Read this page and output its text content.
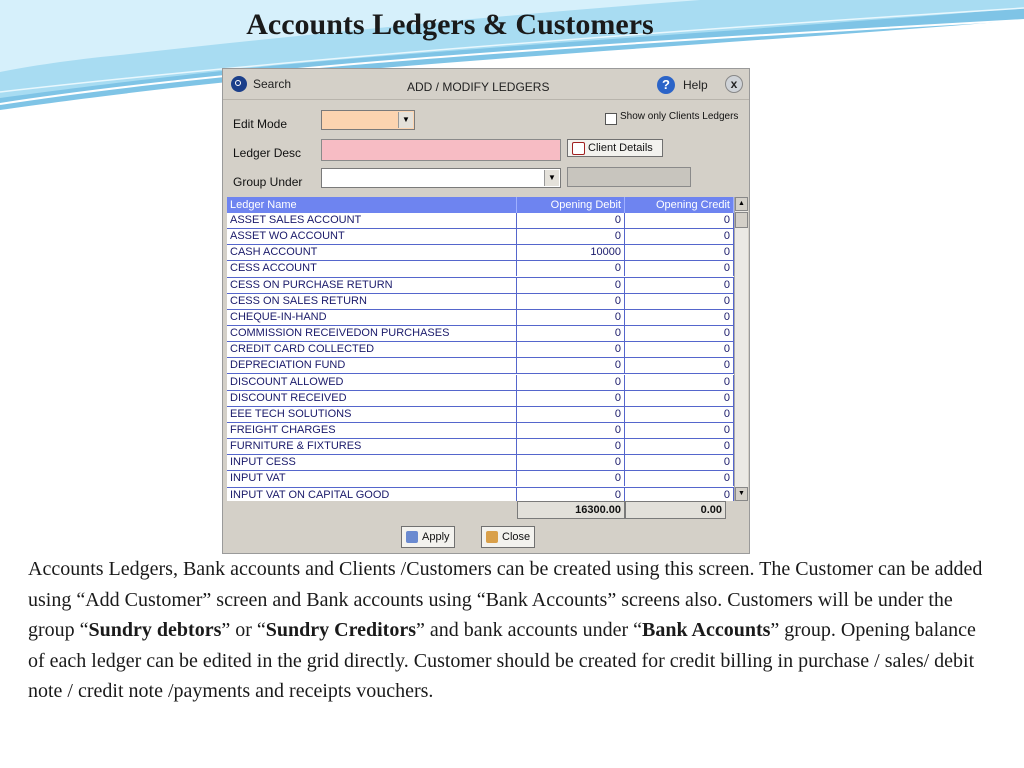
Accounts Ledgers & Customers
Search	ADD / MODIFY LEDGERS	?	Help	x
Edit Mode	▼	Show only Clients Ledgers
Ledger Desc	Client Details
Group Under	▼
Ledger Name	Opening Debit	Opening Credit
ASSET SALES ACCOUNT	0	0
ASSET WO ACCOUNT	0	0
CASH ACCOUNT	10000	0
CESS ACCOUNT	0	0
CESS ON PURCHASE RETURN	0	0
CESS ON SALES RETURN	0	0
CHEQUE-IN-HAND	0	0
COMMISSION RECEIVEDON PURCHASES	0	0
CREDIT CARD COLLECTED	0	0
DEPRECIATION FUND	0	0
DISCOUNT ALLOWED	0	0
DISCOUNT RECEIVED	0	0
EEE TECH SOLUTIONS	0	0
FREIGHT CHARGES	0	0
FURNITURE & FIXTURES	0	0
INPUT CESS	0	0
INPUT VAT	0	0
INPUT VAT ON CAPITAL GOOD	0	0
▲
▼
16300.00	0.00
Apply	Close
Accounts Ledgers, Bank accounts and Clients /Customers can be created using this screen. The Customer can be added using “Add Customer” screen and Bank accounts using “Bank Accounts” screens also. Customers will be under the group “Sundry debtors” or “Sundry Creditors” and bank accounts under “Bank Accounts” group. Opening balance of each ledger can be edited in the grid directly. Customer should be created for credit billing in purchase / sales/ debit note / credit note /payments and receipts vouchers.
